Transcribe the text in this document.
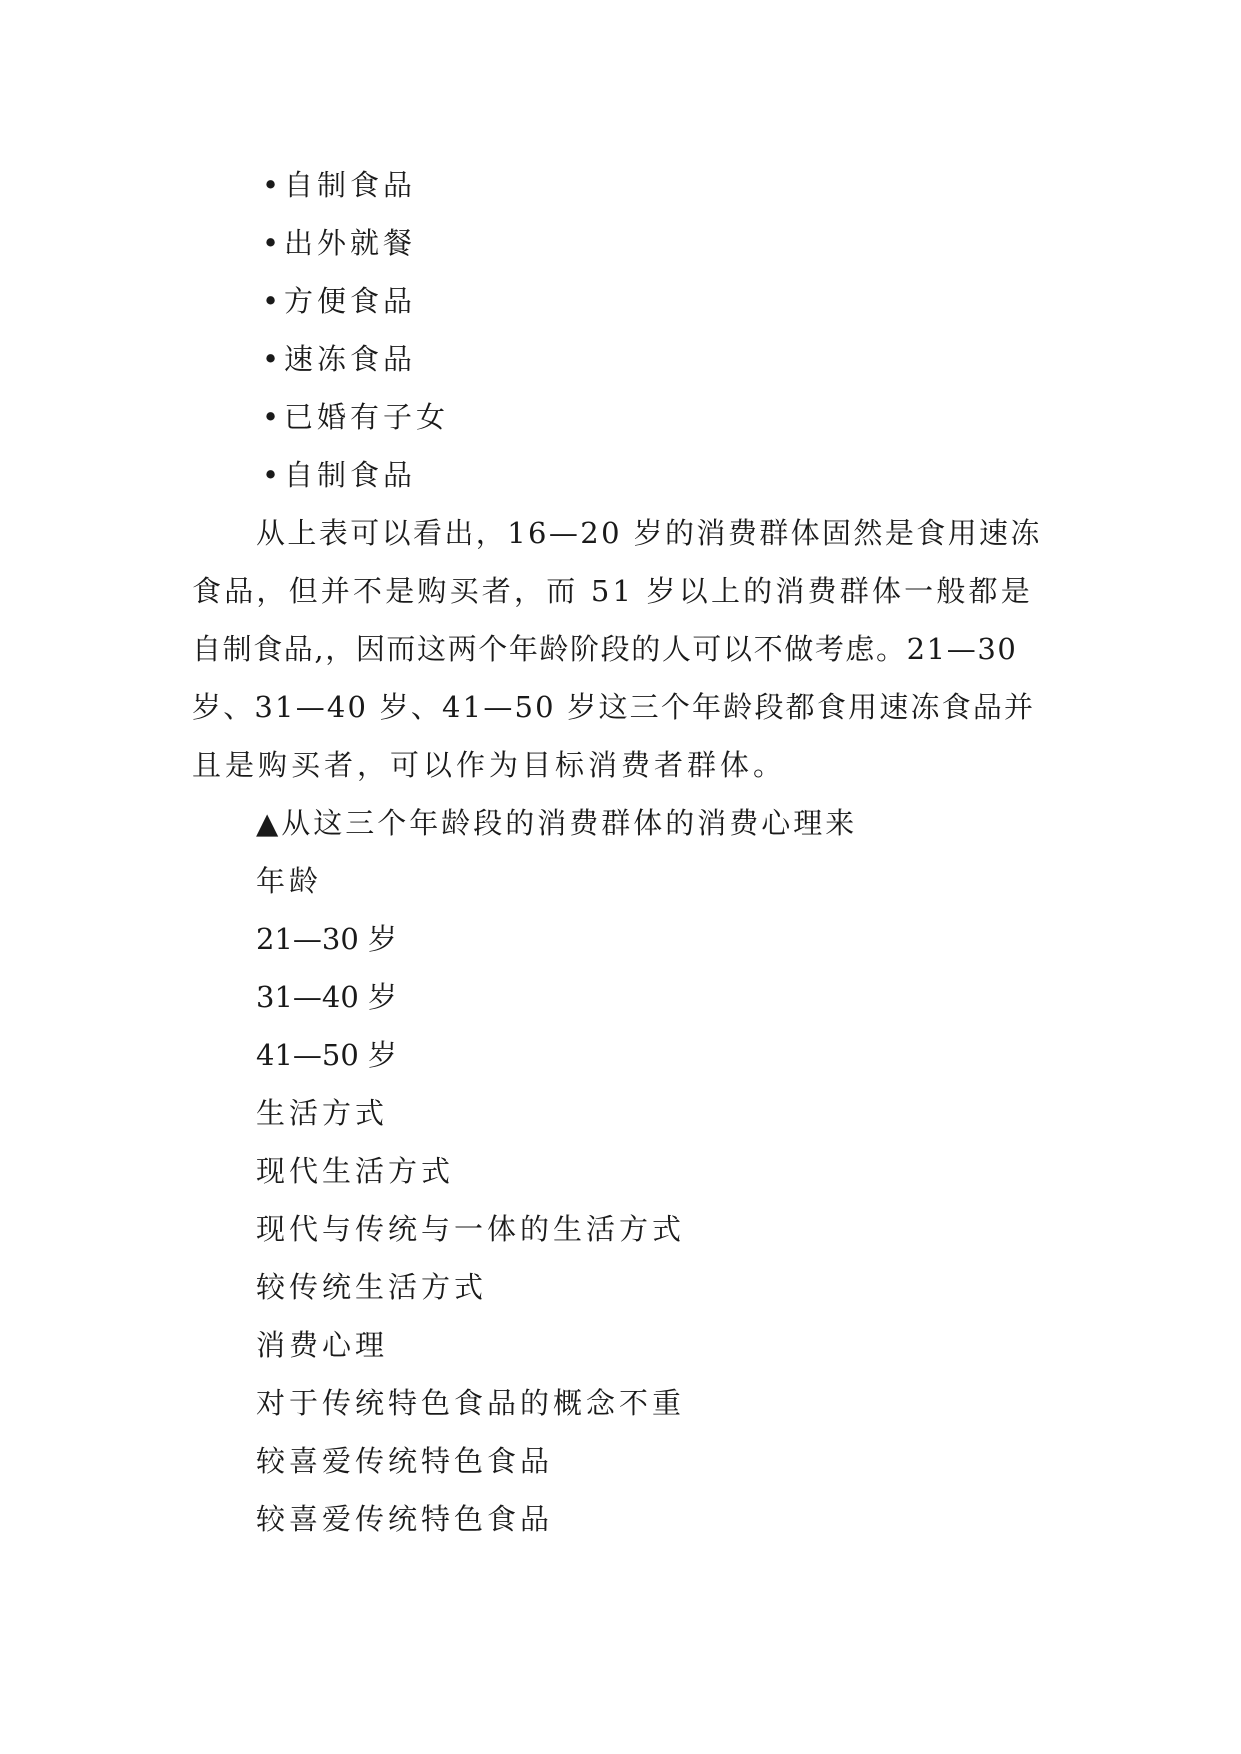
• 自制食品
• 出外就餐
• 方便食品
• 速冻食品
• 已婚有子女
• 自制食品
从上表可以看出，16—20 岁的消费群体固然是食用速冻
食品，但并不是购买者，而 51 岁以上的消费群体一般都是
自制食品,，因而这两个年龄阶段的人可以不做考虑。21—30
岁、31—40 岁、41—50 岁这三个年龄段都食用速冻食品并
且是购买者，可以作为目标消费者群体。
▲从这三个年龄段的消费群体的消费心理来
年龄
21—30 岁
31—40 岁
41—50 岁
生活方式
现代生活方式
现代与传统与一体的生活方式
较传统生活方式
消费心理
对于传统特色食品的概念不重
较喜爱传统特色食品
较喜爱传统特色食品
